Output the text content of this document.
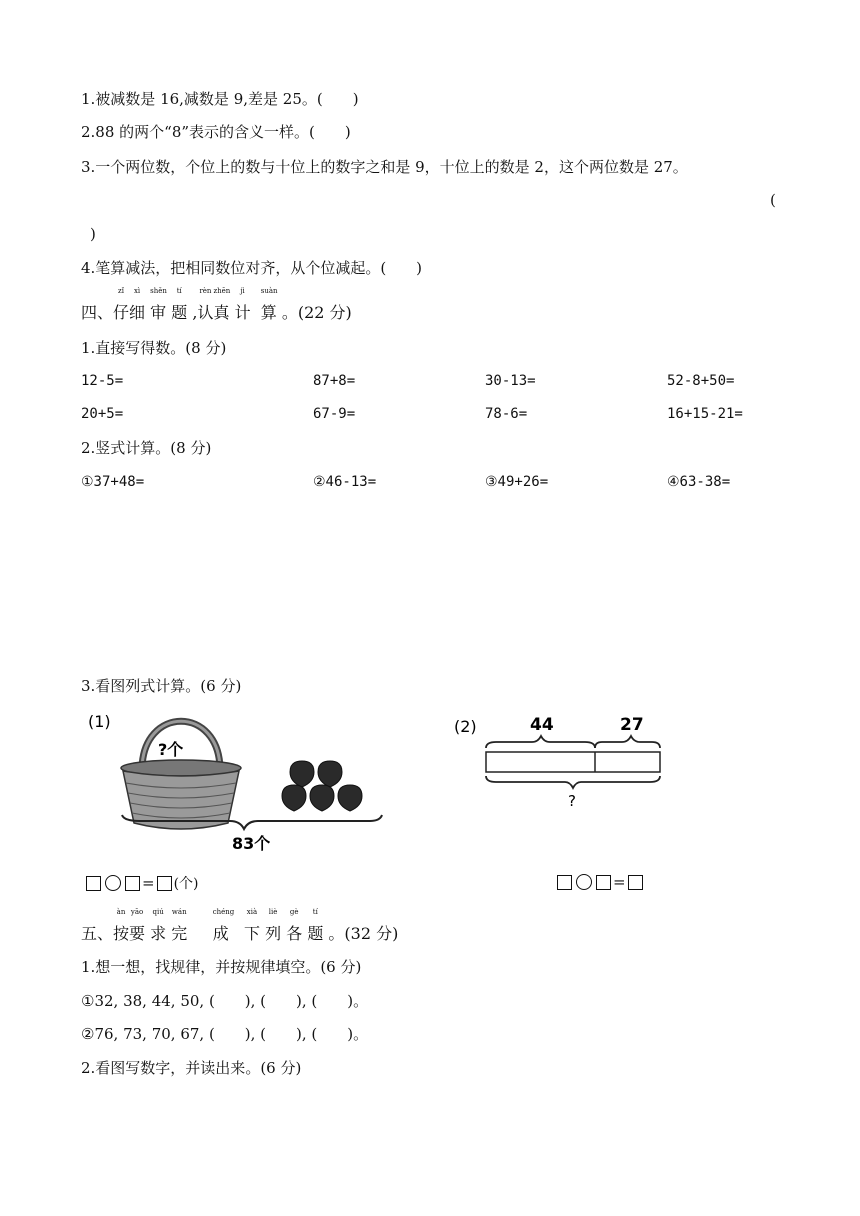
1.被减数是 16,减数是 9,差是 25。(　　)
2.88 的两个“8”表示的含义一样。(　　)
3.一个两位数，个位上的数与十位上的数字之和是 9，十位上的数是 2，这个两位数是 27。
(
)
4.笔算减法，把相同数位对齐，从个位减起。(　　)
四、
zǐ
仔
xì
细
shěn
审
tí
题 ,
rèn
认
zhēn
真
jì
计
suàn
算 。(22 分)
1.直接写得数。(8 分)
12-5=	87+8=	30-13=	52-8+50=
20+5=	67-9=	78-6=	16+15-21=
2.竖式计算。(8 分)
①37+48=	②46-13=	③49+26=	④63-38=
3.看图列式计算。(6 分)
(1)
?个
83个
(2)	44	27
?
= (个)	=
五、
àn
按
yāo
要
qiú
求
wán
完
chéng
成
xià
下
liè
列
gè
各
tí
题 。(32 分)
1.想一想，找规律，并按规律填空。(6 分)
①32, 38, 44, 50, (　　), (　　), (　　)。
②76, 73, 70, 67, (　　), (　　), (　　)。
2.看图写数字，并读出来。(6 分)
